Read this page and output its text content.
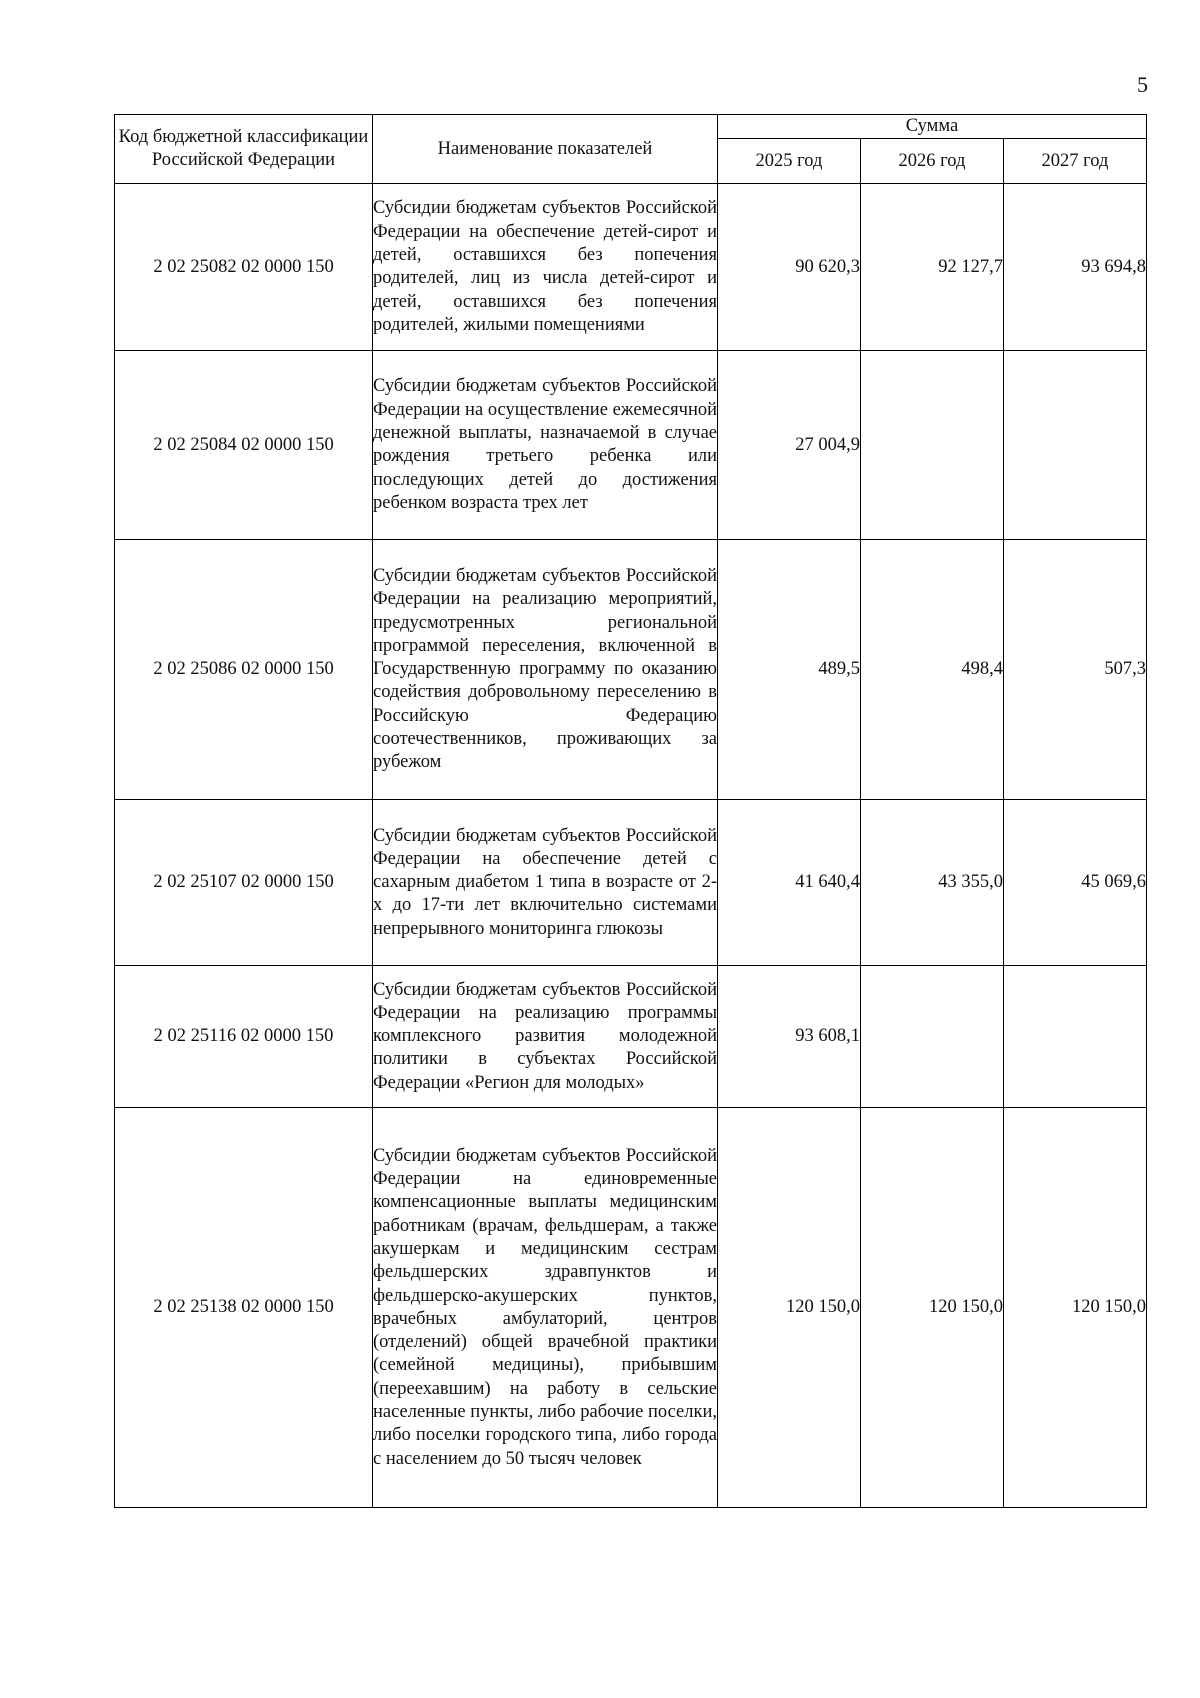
5
Код бюджетной классификации Российской Федерации	Наименование показателей	Сумма		
		2025 год	2026 год	2027 год
2 02 25082 02 0000 150	Субсидии бюджетам субъектов Российской Федерации на обеспечение детей-сирот и детей, оставшихся без попечения родителей, лиц из числа детей-сирот и детей, оставшихся без попечения родителей, жилыми помещениями	90 620,3	92 127,7	93 694,8
2 02 25084 02 0000 150	Субсидии бюджетам субъектов Российской Федерации на осуществление ежемесячной денежной выплаты, назначаемой в случае рождения третьего ребенка или последующих детей до достижения ребенком возраста трех лет	27 004,9		
2 02 25086 02 0000 150	Субсидии бюджетам субъектов Российской Федерации на реализацию мероприятий, предусмотренных региональной программой переселения, включенной в Государственную программу по оказанию содействия добровольному переселению в Российскую Федерацию соотечественников, проживающих за рубежом	489,5	498,4	507,3
2 02 25107 02 0000 150	Субсидии бюджетам субъектов Российской Федерации на обеспечение детей с сахарным диабетом 1 типа в возрасте от 2-х до 17-ти лет включительно системами непрерывного мониторинга глюкозы	41 640,4	43 355,0	45 069,6
2 02 25116 02 0000 150	Субсидии бюджетам субъектов Российской Федерации на реализацию программы комплексного развития молодежной политики в субъектах Российской Федерации «Регион для молодых»	93 608,1		
2 02 25138 02 0000 150	Субсидии бюджетам субъектов Российской Федерации на единовременные компенсационные выплаты медицинским работникам (врачам, фельдшерам, а также акушеркам и медицинским сестрам фельдшерских здравпунктов и фельдшерско-акушерских пунктов, врачебных амбулаторий, центров (отделений) общей врачебной практики (семейной медицины), прибывшим (переехавшим) на работу в сельские населенные пункты, либо рабочие поселки, либо поселки городского типа, либо города с населением до 50 тысяч человек	120 150,0	120 150,0	120 150,0
